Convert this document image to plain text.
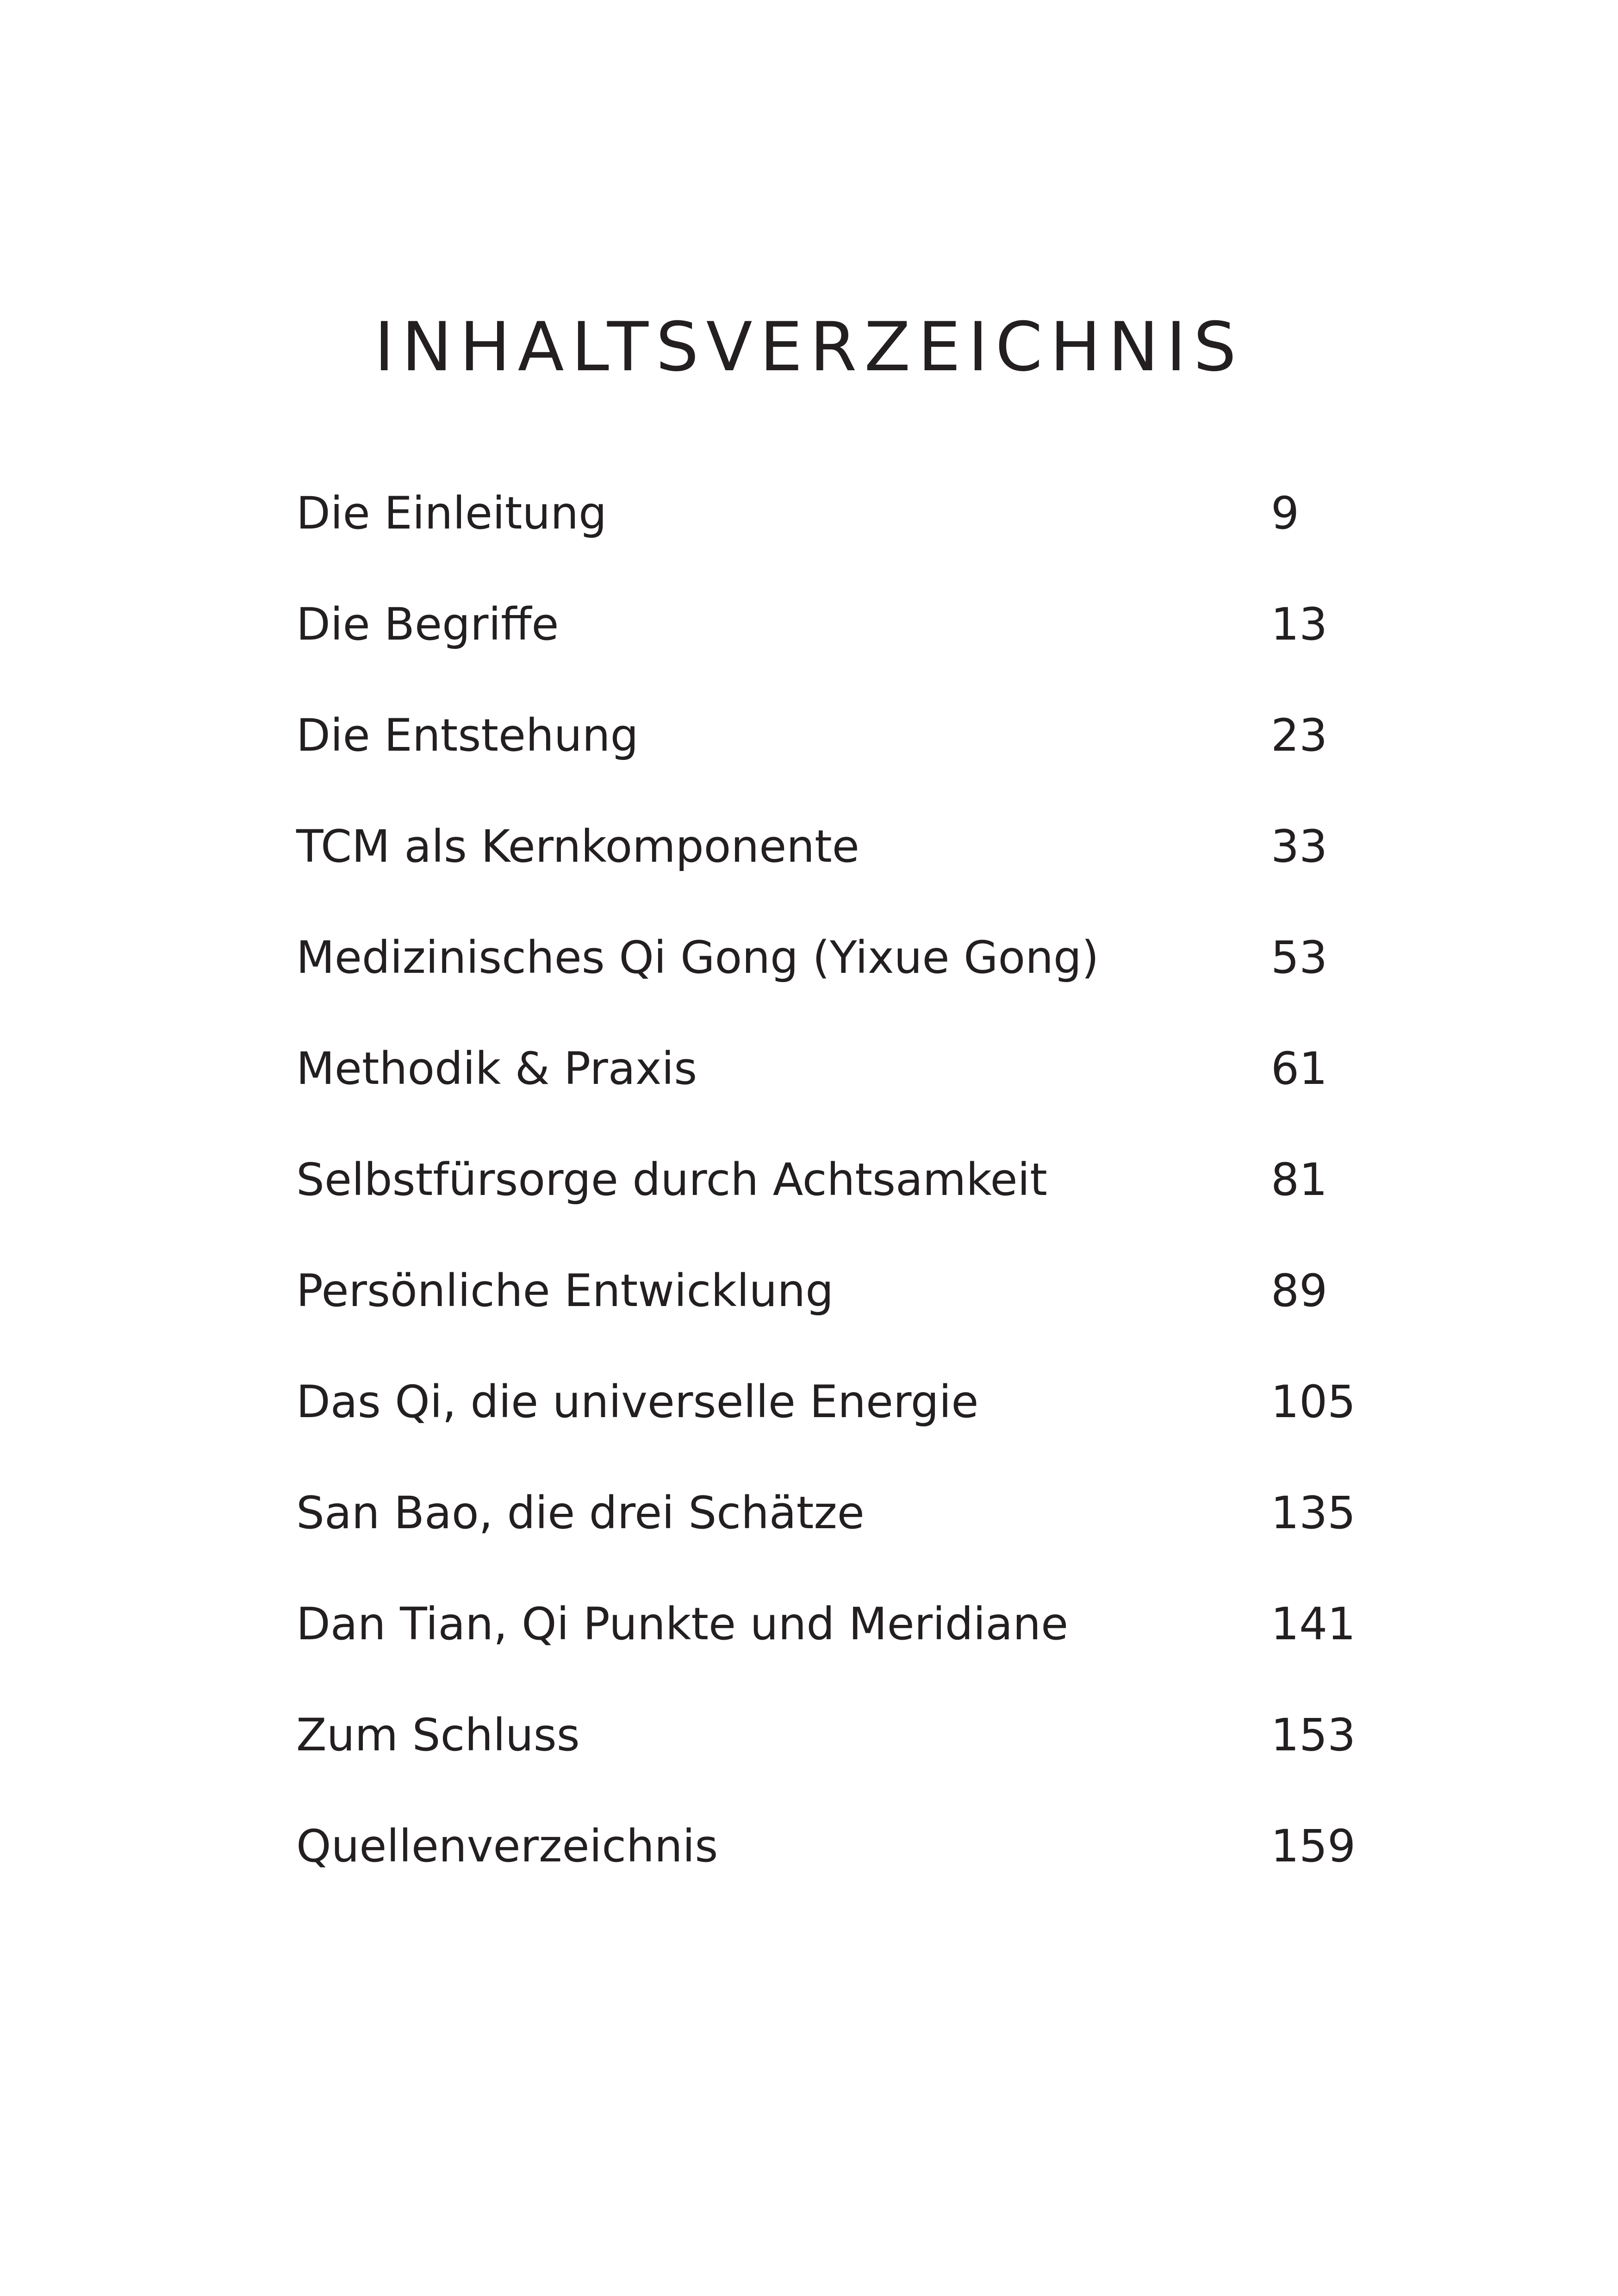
INHALTSVERZEICHNIS
Die Einleitung	9
Die Begriffe	13
Die Entstehung	23
TCM als Kernkomponente	33
Medizinisches Qi Gong (Yixue Gong)	53
Methodik & Praxis	61
Selbstfürsorge durch Achtsamkeit	81
Persönliche Entwicklung	89
Das Qi, die universelle Energie	105
San Bao, die drei Schätze	135
Dan Tian, Qi Punkte und Meridiane	141
Zum Schluss	153
Quellenverzeichnis	159
